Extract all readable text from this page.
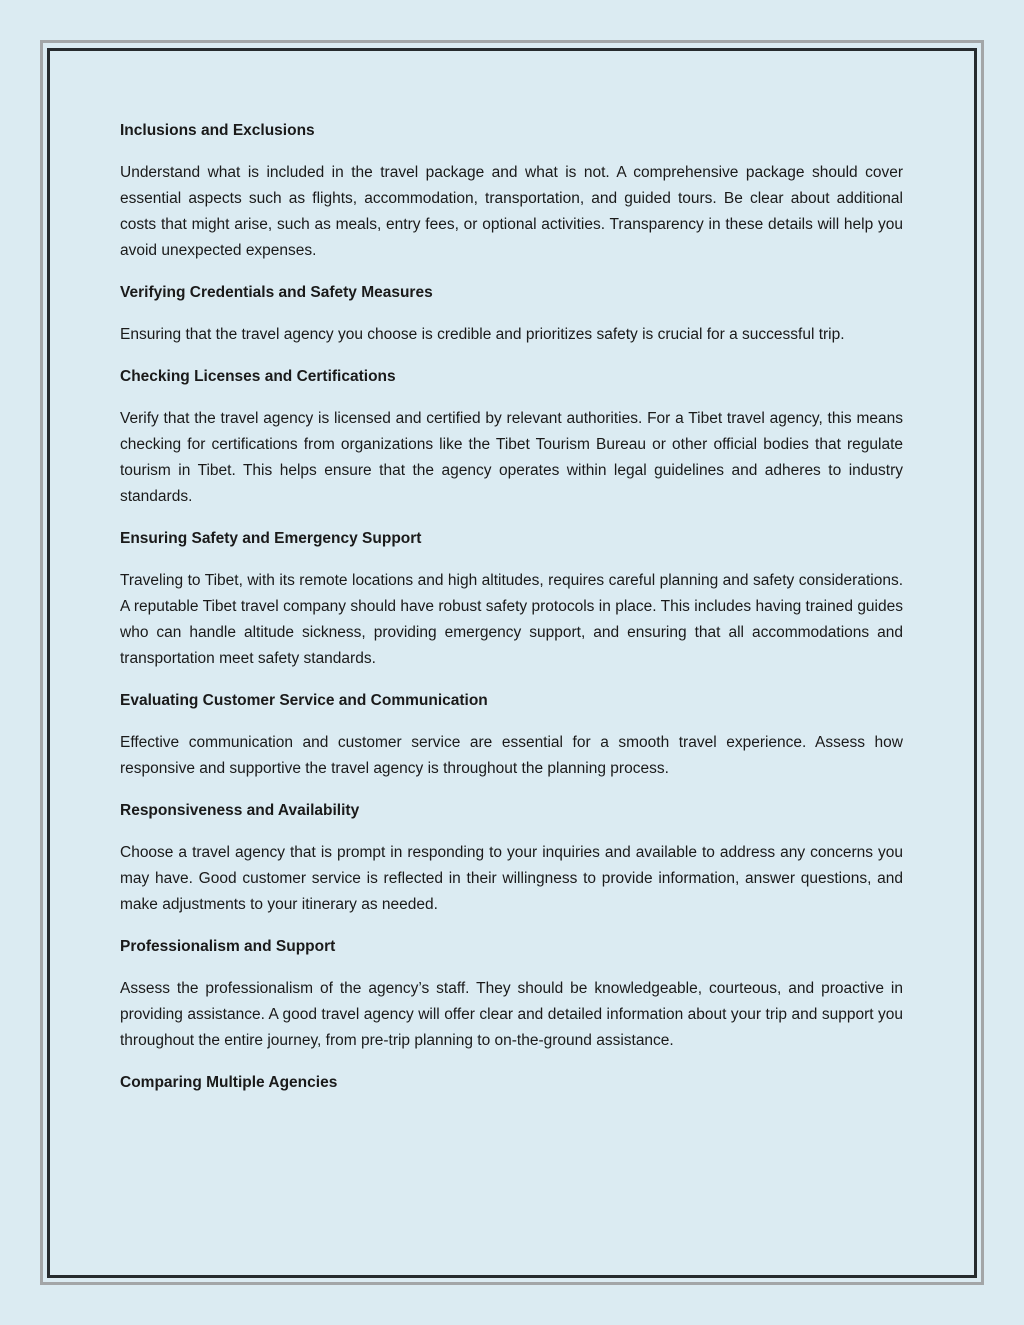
Inclusions and Exclusions
Understand what is included in the travel package and what is not. A comprehensive package should cover essential aspects such as flights, accommodation, transportation, and guided tours. Be clear about additional costs that might arise, such as meals, entry fees, or optional activities. Transparency in these details will help you avoid unexpected expenses.
Verifying Credentials and Safety Measures
Ensuring that the travel agency you choose is credible and prioritizes safety is crucial for a successful trip.
Checking Licenses and Certifications
Verify that the travel agency is licensed and certified by relevant authorities. For a Tibet travel agency, this means checking for certifications from organizations like the Tibet Tourism Bureau or other official bodies that regulate tourism in Tibet. This helps ensure that the agency operates within legal guidelines and adheres to industry standards.
Ensuring Safety and Emergency Support
Traveling to Tibet, with its remote locations and high altitudes, requires careful planning and safety considerations. A reputable Tibet travel company should have robust safety protocols in place. This includes having trained guides who can handle altitude sickness, providing emergency support, and ensuring that all accommodations and transportation meet safety standards.
Evaluating Customer Service and Communication
Effective communication and customer service are essential for a smooth travel experience. Assess how responsive and supportive the travel agency is throughout the planning process.
Responsiveness and Availability
Choose a travel agency that is prompt in responding to your inquiries and available to address any concerns you may have. Good customer service is reflected in their willingness to provide information, answer questions, and make adjustments to your itinerary as needed.
Professionalism and Support
Assess the professionalism of the agency’s staff. They should be knowledgeable, courteous, and proactive in providing assistance. A good travel agency will offer clear and detailed information about your trip and support you throughout the entire journey, from pre-trip planning to on-the-ground assistance.
Comparing Multiple Agencies
